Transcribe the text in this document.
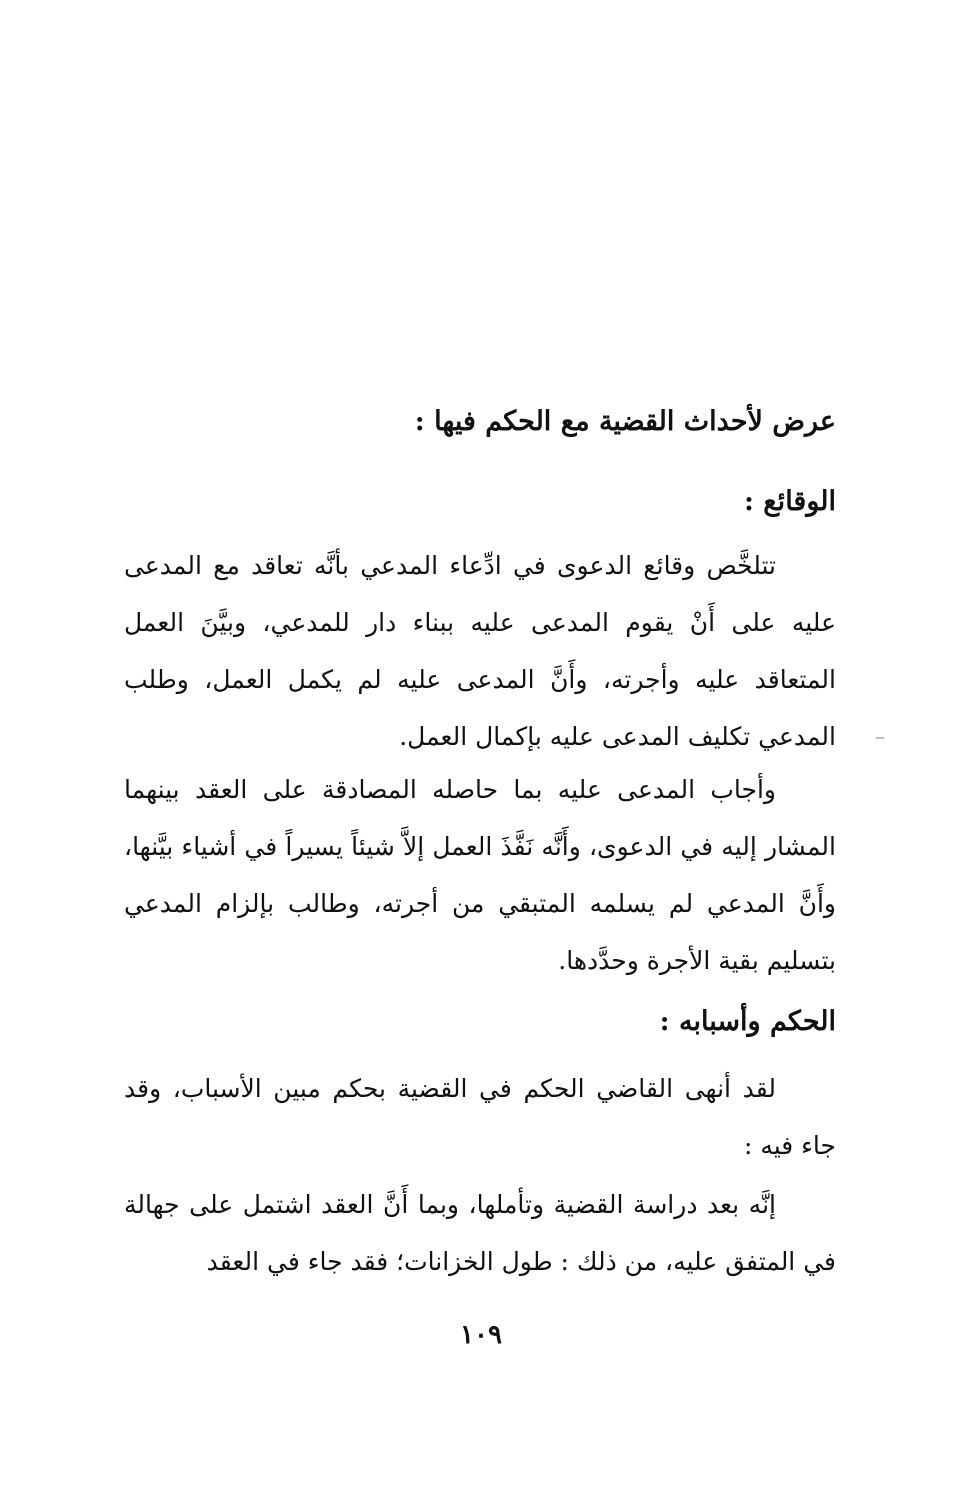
عرض لأحداث القضية مع الحكم فيها :
الوقائع :

تتلخَّص وقائع الدعوى في ادِّعاء المدعي بأنَّه تعاقد مع المدعى عليه على أَنْ يقوم المدعى عليه ببناء دار للمدعي، وبيَّنَ العمل المتعاقد عليه وأجرته، وأَنَّ المدعى عليه لم يكمل العمل، وطلب المدعي تكليف المدعى عليه بإكمال العمل.

وأجاب المدعى عليه بما حاصله المصادقة على العقد بينهما المشار إليه في الدعوى، وأَنَّه نَفَّذَ العمل إلاَّ شيئاً يسيراً في أشياء بيَّنها، وأَنَّ المدعي لم يسلمه المتبقي من أجرته، وطالب بإلزام المدعي بتسليم بقية الأجرة وحدَّدها.

الحكم وأسبابه :

لقد أنهى القاضي الحكم في القضية بحكم مبين الأسباب، وقد جاء فيه :

إنَّه بعد دراسة القضية وتأملها، وبما أَنَّ العقد اشتمل على جهالة في المتفق عليه، من ذلك : طول الخزانات؛ فقد جاء في العقد

١٠٩
